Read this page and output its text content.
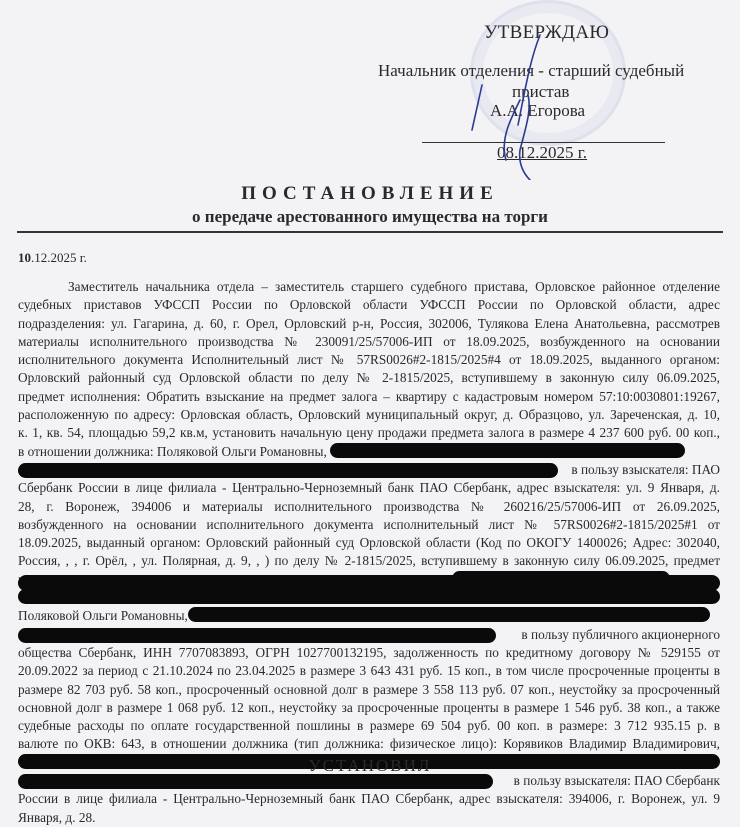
УТВЕРЖДАЮ
Начальник отделения - старший судебный
пристав
А.А. Егорова
08.12.2025 г.
ПОСТАНОВЛЕНИЕ
о передаче арестованного имущества на торги
10.12.2025 г.
Заместитель начальника отдела – заместитель старшего судебного пристава, Орловское районное отделение
судебных приставов УФССП России по Орловской области УФССП России по Орловской области, адрес
подразделения: ул. Гагарина, д. 60, г. Орел, Орловский р-н, Россия, 302006, Тулякова Елена Анатольевна, рассмотрев
материалы исполнительного производства № 230091/25/57006-ИП от 18.09.2025, возбужденного на основании
исполнительного документа Исполнительный лист № 57RS0026#2-1815/2025#4 от 18.09.2025, выданного органом:
Орловский районный суд Орловской области по делу № 2-1815/2025, вступившему в законную силу 06.09.2025,
предмет исполнения: Обратить взыскание на предмет залога – квартиру с кадастровым номером 57:10:0030801:19267,
расположенную по адресу: Орловская область, Орловский муниципальный округ, д. Образцово, ул. Зареченская, д. 10,
к. 1, кв. 54, площадью 59,2 кв.м, установить начальную цену продажи предмета залога в размере 4 237 600 руб. 00 коп.,
в отношении должника: Поляковой Ольги Романовны,
в пользу взыскателя: ПАО
Сбербанк России в лице филиала - Центрально-Черноземный банк ПАО Сбербанк, адрес взыскателя: ул. 9 Января, д.
28, г. Воронеж, 394006 и материалы исполнительного производства № 260216/25/57006-ИП от 26.09.2025,
возбужденного на основании исполнительного документа исполнительный лист № 57RS0026#2-1815/2025#1 от
18.09.2025, выданный органом: Орловский районный суд Орловской области (Код по ОКОГУ 1400026; Адрес: 302040,
Россия, , , г. Орёл, , ул. Полярная, д. 9, , ) по делу № 2-1815/2025, вступившему в законную силу 06.09.2025, предмет
Поляковой Ольги Романовны,
в пользу публичного акционерного
общества Сбербанк, ИНН 7707083893, ОГРН 1027700132195, задолженность по кредитному договору № 529155 от
20.09.2022 за период с 21.10.2024 по 23.04.2025 в размере 3 643 431 руб. 15 коп., в том числе просроченные проценты в
размере 82 703 руб. 58 коп., просроченный основной долг в размере 3 558 113 руб. 07 коп., неустойку за просроченный
основной долг в размере 1 068 руб. 12 коп., неустойку за просроченные проценты в размере 1 546 руб. 38 коп., а также
судебные расходы по оплате государственной пошлины в размере 69 504 руб. 00 коп. в размере: 3 712 935.15 р. в
валюте по ОКВ: 643, в отношении должника (тип должника: физическое лицо): Корявиков Владимир Владимирович,
в пользу взыскателя: ПАО Сбербанк
России в лице филиала - Центрально-Черноземный банк ПАО Сбербанк, адрес взыскателя: 394006, г. Воронеж, ул. 9
Января, д. 28.
УСТАНОВИЛ
